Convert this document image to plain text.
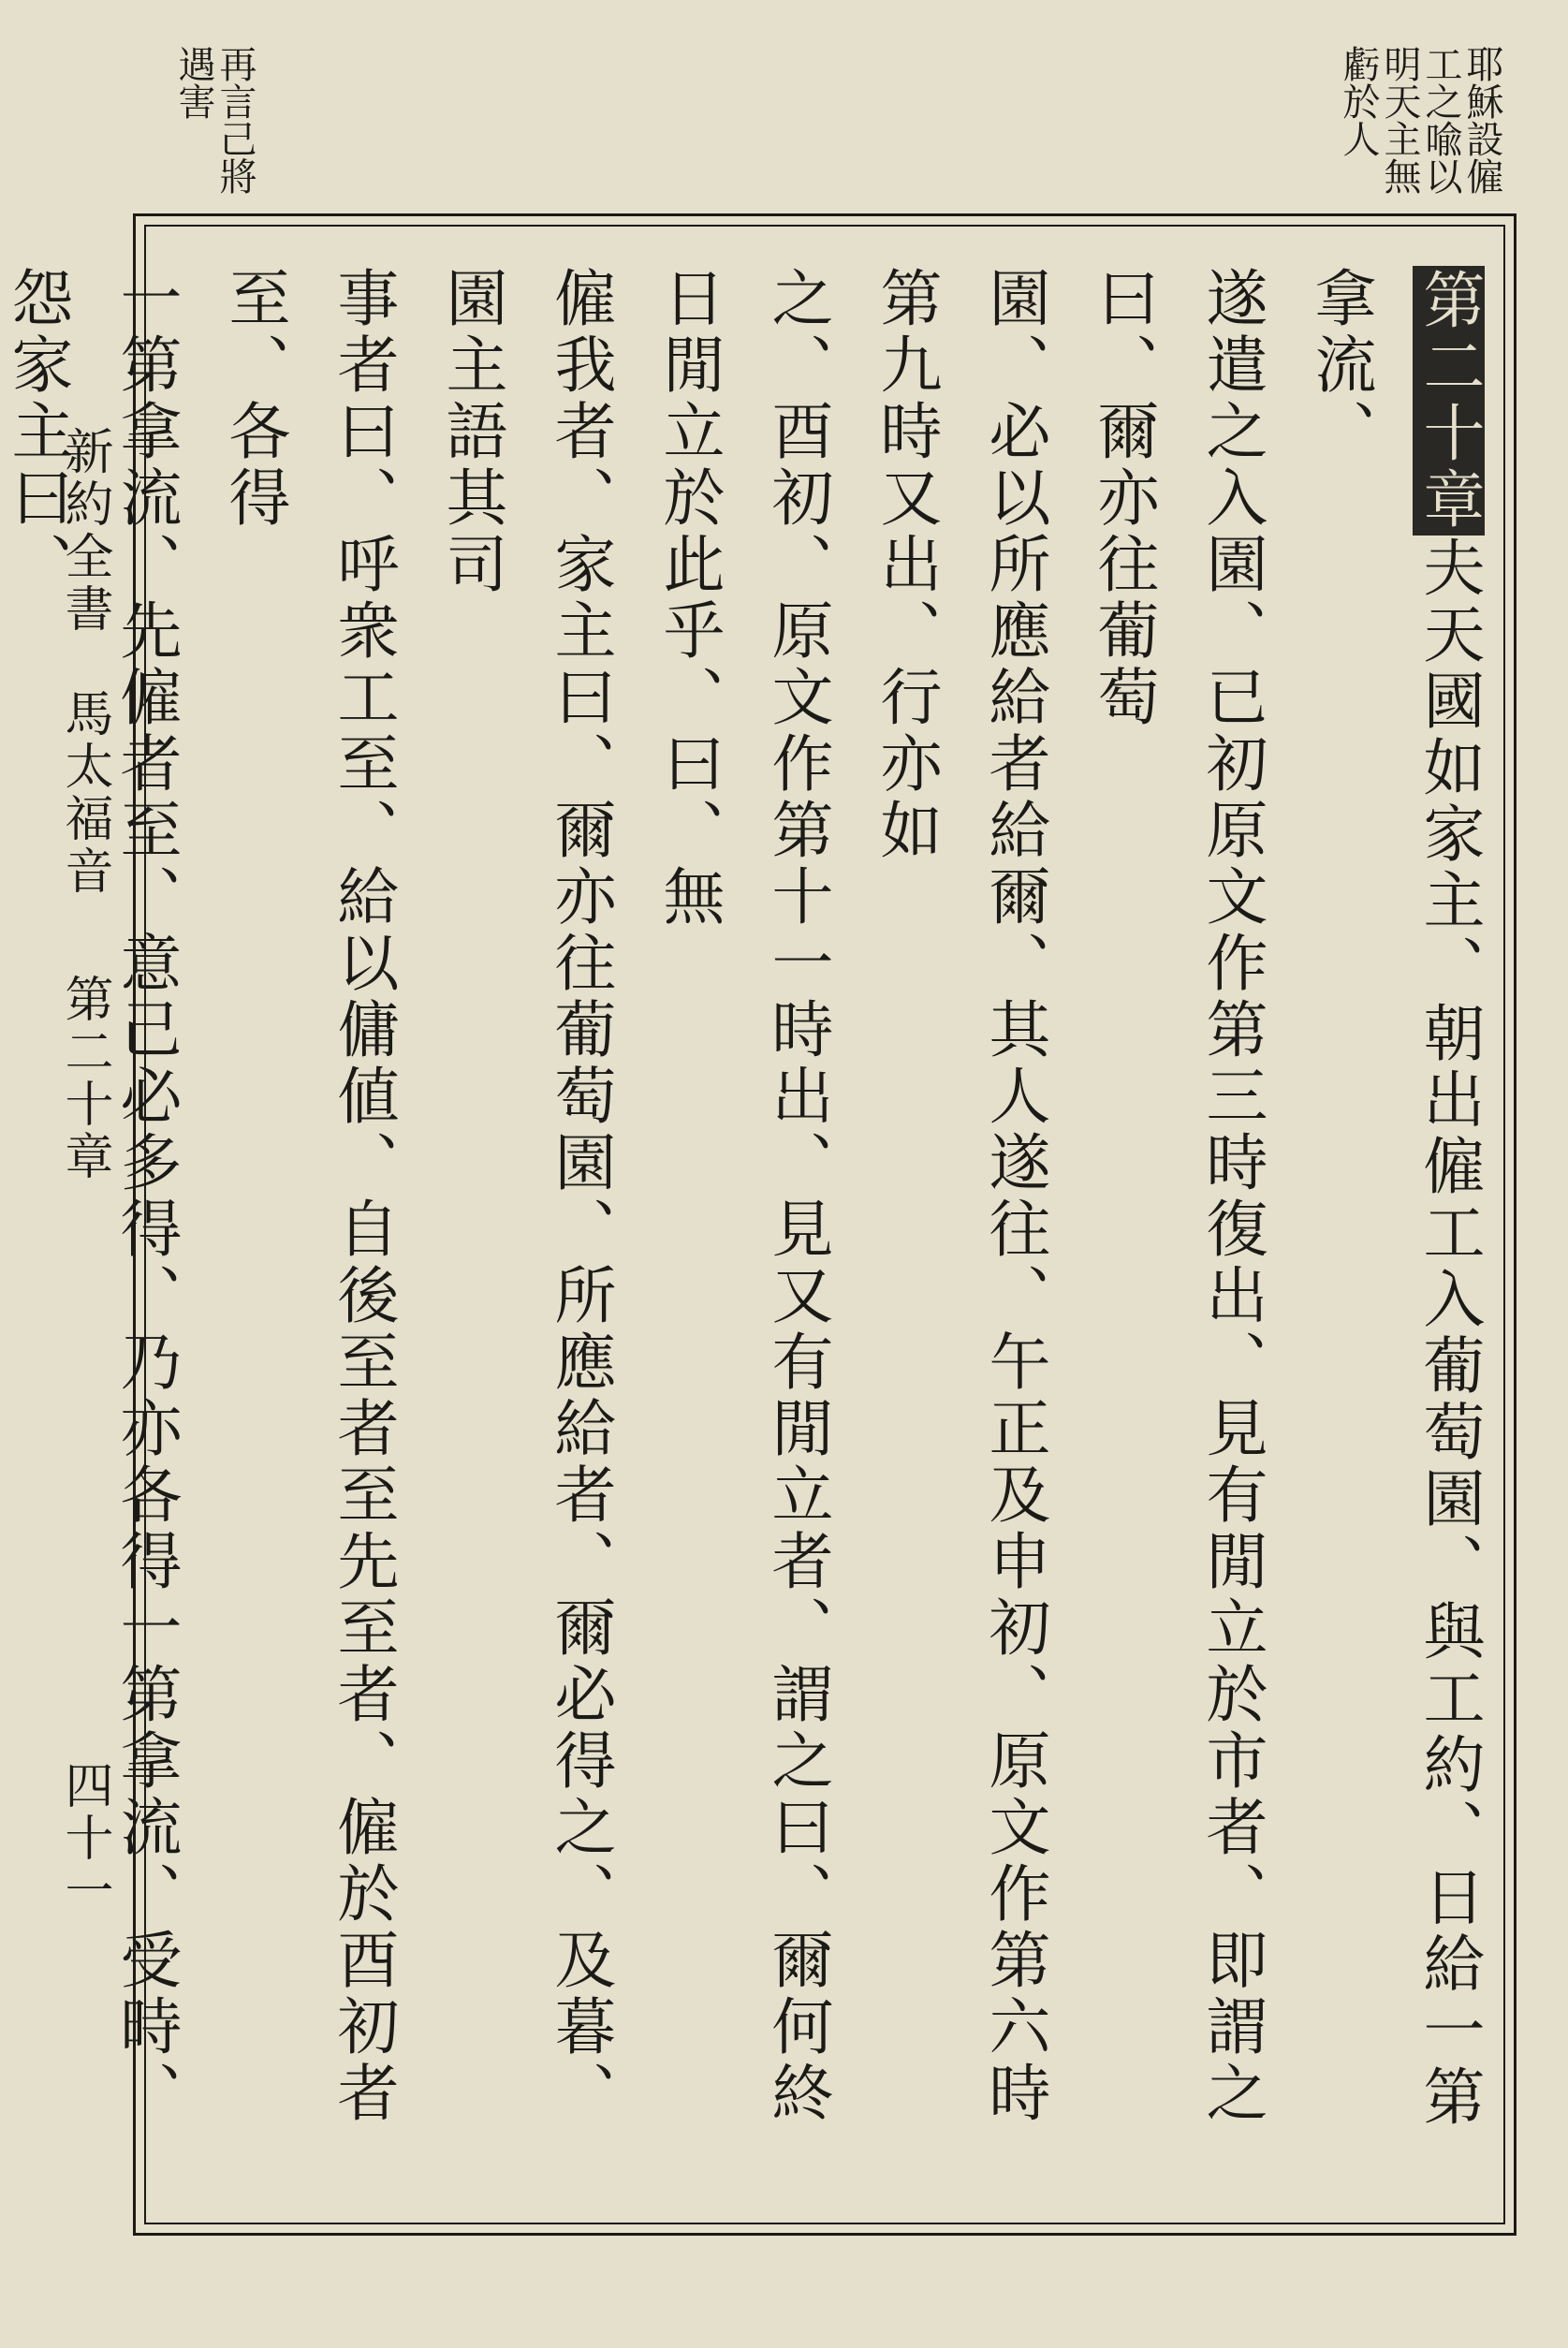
耶穌設僱工之喩以明天主無虧於人
再言己將遇害
第二十章夫天國如家主、朝出僱工入葡萄園、與工約、日給一第拿流、
遂遣之入園、已初原文作第三時復出、見有閒立於市者、即謂之曰、爾亦往葡萄
園、必以所應給者給爾、其人遂往、午正及申初、原文作第六時第九時又出、行亦如
之、酉初、原文作第十一時出、見又有閒立者、謂之曰、爾何終日閒立於此乎、曰、無
僱我者、家主曰、爾亦往葡萄園、所應給者、爾必得之、及暮、園主語其司
事者曰、呼衆工至、給以傭値、自後至者至先至者、僱於酉初者至、各得
一第拿流、先僱者至、意己必多得、乃亦各得一第拿流、受時、怨家主曰、

新約全書　馬太福音
第二十章
四十一
